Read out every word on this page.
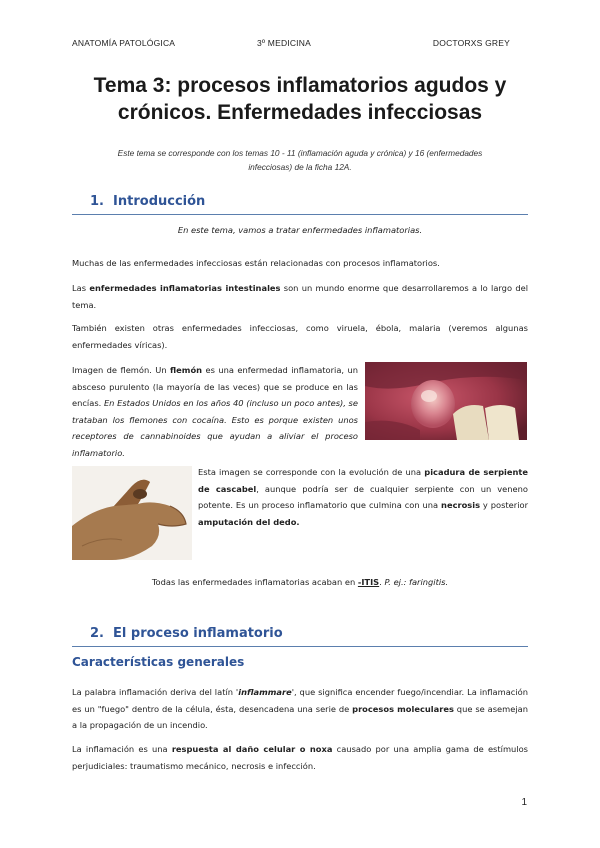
ANATOMÍA PATOLÓGICA	3º MEDICINA	DOCTORXS GREY
Tema 3: procesos inflamatorios agudos y
crónicos. Enfermedades infecciosas
Este tema se corresponde con los temas 10 - 11 (inflamación aguda y crónica) y 16 (enfermedades
infecciosas) de la ficha 12A.
1. Introducción
En este tema, vamos a tratar enfermedades inflamatorias.
Muchas de las enfermedades infecciosas están relacionadas con procesos inflamatorios.
Las enfermedades inflamatorias intestinales son un mundo enorme que desarrollaremos a lo largo del tema.
También existen otras enfermedades infecciosas, como viruela, ébola, malaria (veremos algunas enfermedades víricas).
Imagen de flemón. Un flemón es una enfermedad inflamatoria, un absceso purulento (la mayoría de las veces) que se produce en las encías. En Estados Unidos en los años 40 (incluso un poco antes), se trataban los flemones con cocaína. Esto es porque existen unos receptores de cannabinoides que ayudan a aliviar el proceso inflamatorio.
Esta imagen se corresponde con la evolución de una picadura de serpiente de cascabel, aunque podría ser de cualquier serpiente con un veneno potente. Es un proceso inflamatorio que culmina con una necrosis y posterior amputación del dedo.
Todas las enfermedades inflamatorias acaban en -ITIS. P. ej.: faringitis.
2. El proceso inflamatorio
Características generales
La palabra inflamación deriva del latín 'inflammare', que significa encender fuego/incendiar. La inflamación es un "fuego" dentro de la célula, ésta, desencadena una serie de procesos moleculares que se asemejan a la propagación de un incendio.
La inflamación es una respuesta al daño celular o noxa causado por una amplia gama de estímulos perjudiciales: traumatismo mecánico, necrosis e infección.
1
